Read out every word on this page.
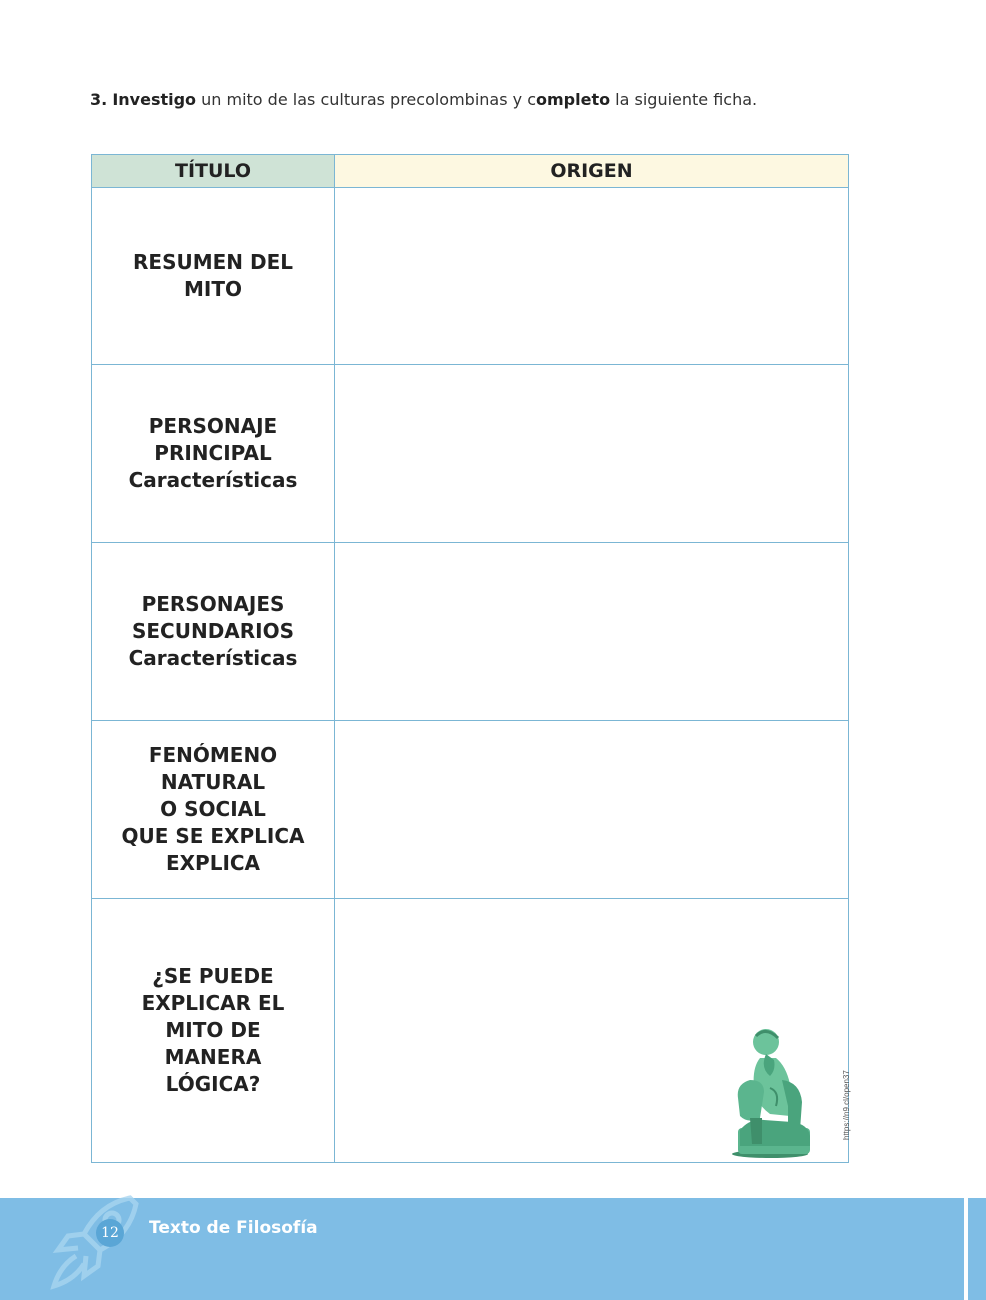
3. Investigo un mito de las culturas precolombinas y completo la siguiente ficha.
TÍTULO	ORIGEN

RESUMEN DEL
MITO	

PERSONAJE
PRINCIPAL
Características	

PERSONAJES
SECUNDARIOS
Características	

FENÓMENO
NATURAL
O SOCIAL
QUE SE EXPLICA
EXPLICA	

¿SE PUEDE
EXPLICAR EL
MITO DE
MANERA
LÓGICA?
		https://n9.cl/open37
12 Texto de Filosofía
